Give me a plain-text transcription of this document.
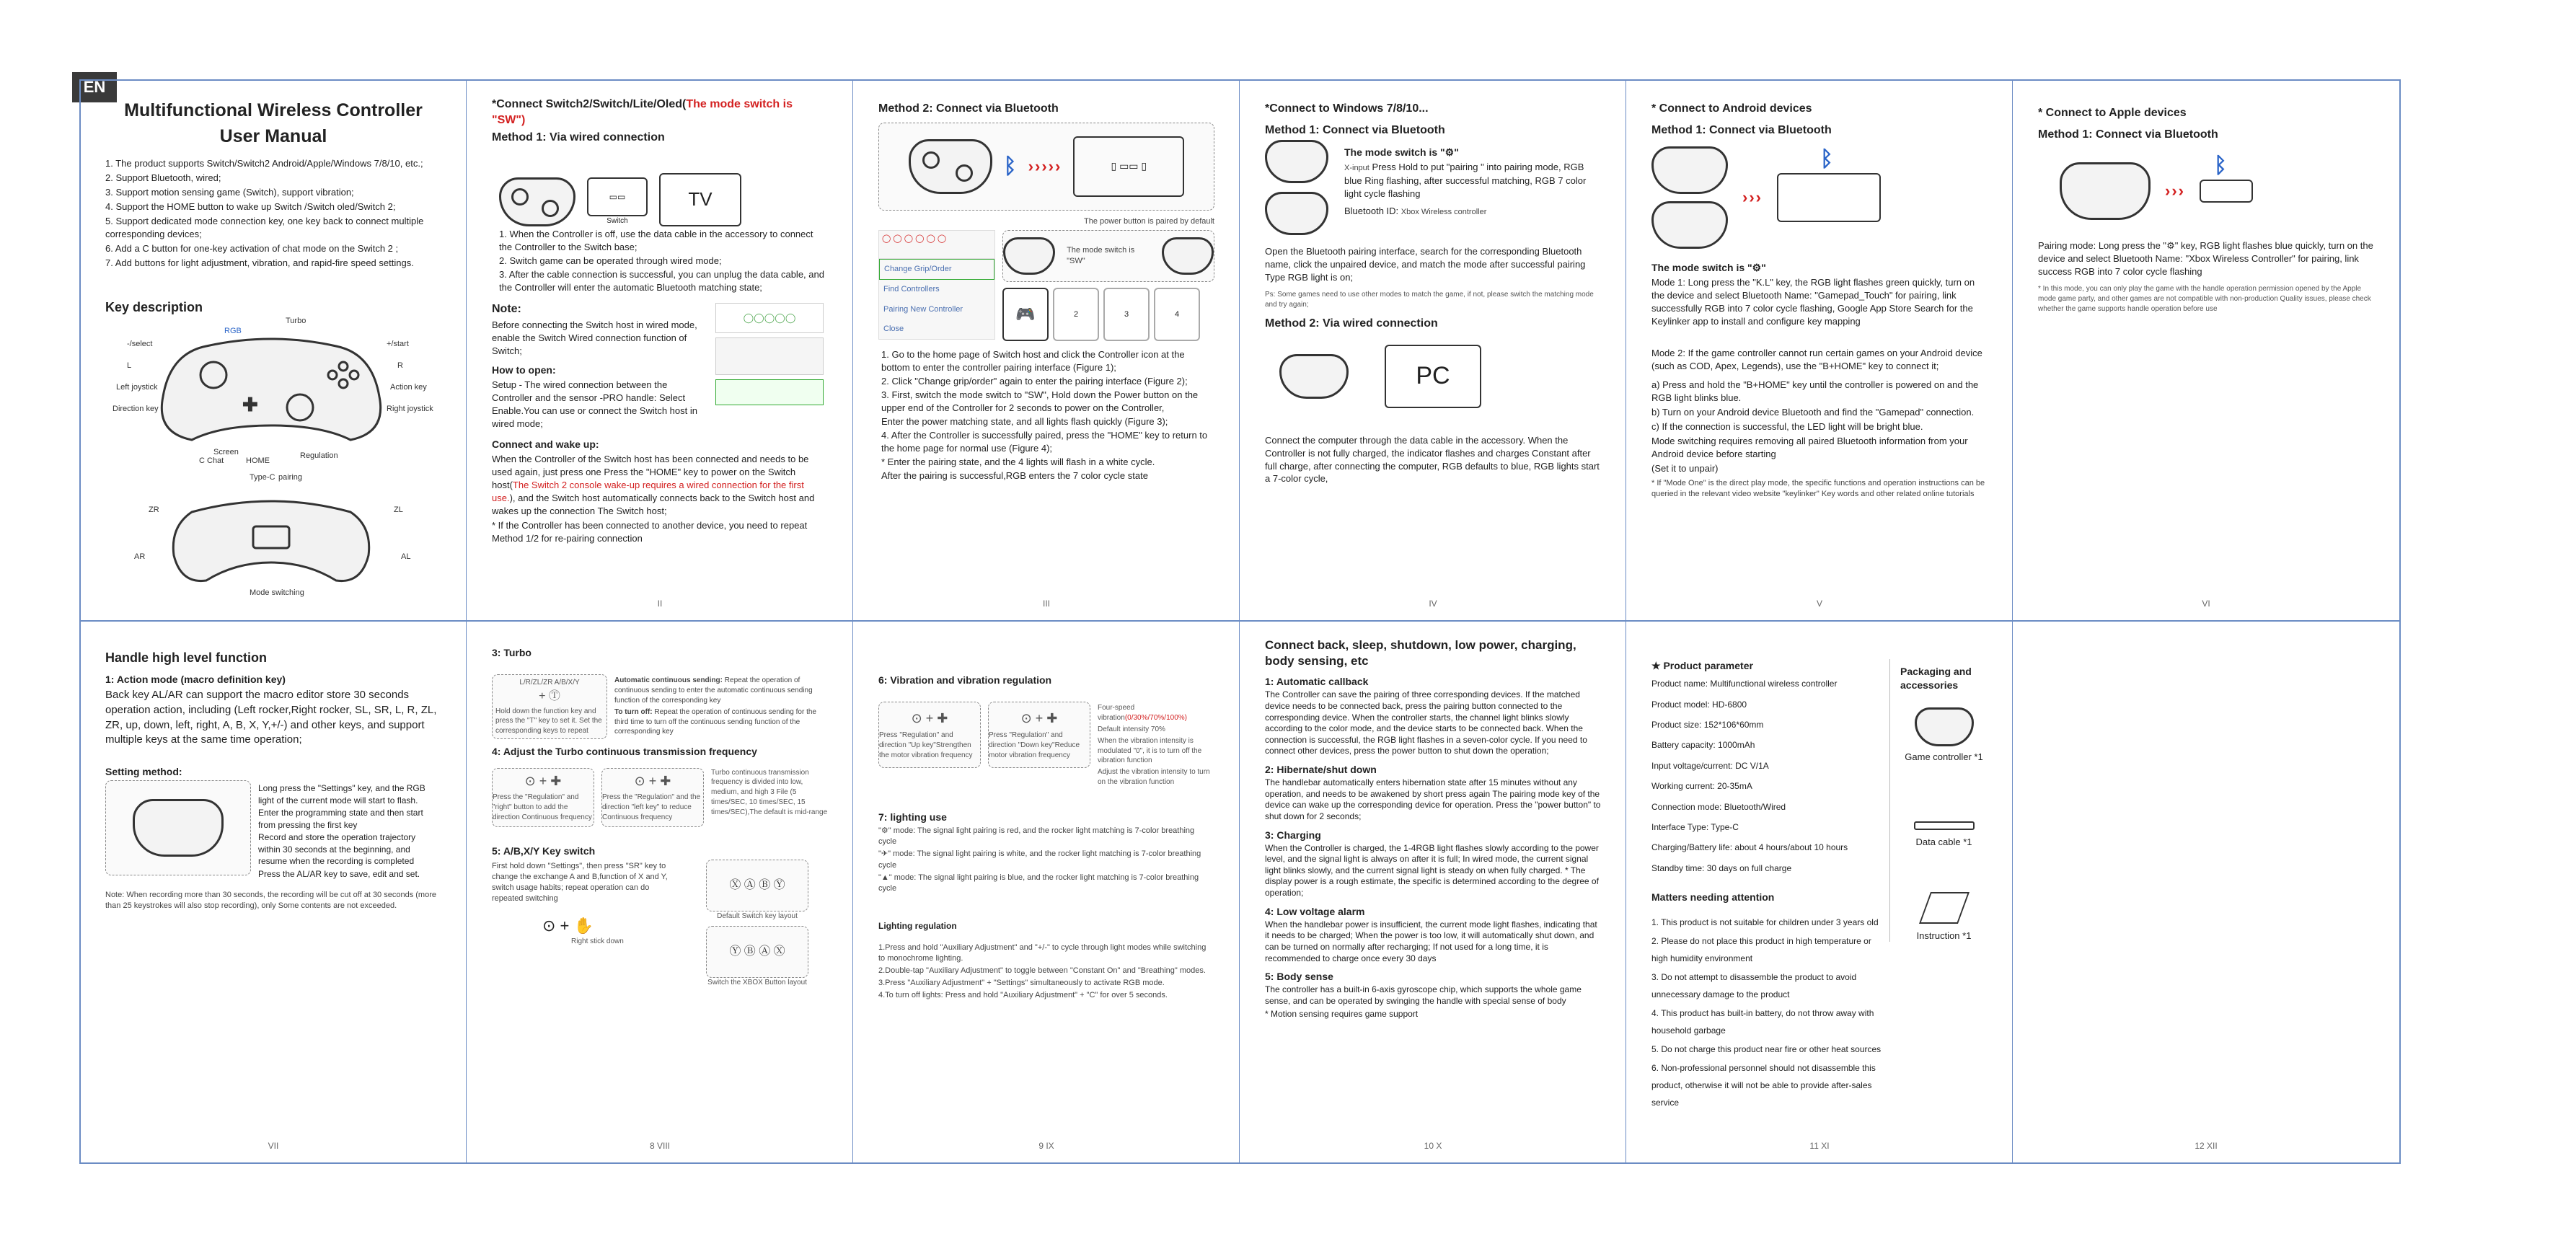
EN
Multifunctional Wireless Controller
User Manual

1. The product supports Switch/Switch2 Android/Apple/Windows 7/8/10, etc.;

2. Support Bluetooth, wired;

3. Support motion sensing game (Switch), support vibration;

4. Support the HOME button to wake up Switch /Switch oled/Switch 2;

5. Support dedicated mode connection key, one key back to connect multiple corresponding devices;

6. Add a C button for one-key activation of chat mode on the Switch 2 ;

7. Add buttons for light adjustment, vibration, and rapid-fire speed settings.

Key description
✚
-/select
RGB
Turbo
+/start
L	R
Left joystick	Action key
Direction key	Right joystick
Screen
C Chat	HOME
Regulation
Type-C pairing
ZR	ZL
AR	AL
Mode switching
*Connect Switch2/Switch/Lite/Oled(The mode switch is "SW")
Method 1: Via wired connection
▭▭
Switch
TV
1. When the Controller is off, use the data cable in the accessory to connect the Controller to the Switch base;
2. Switch game can be operated through wired mode;
3. After the cable connection is successful, you can unplug the data cable, and the Controller will enter the automatic Bluetooth matching state;
Note:

Before connecting the Switch host in wired mode, enable the Switch Wired connection function of Switch;

How to open:

Setup - The wired connection between the Controller and the sensor -PRO handle: Select Enable.You can use or connect the Switch host in wired mode;

◯◯◯◯◯
Connect and wake up:

When the Controller of the Switch host has been connected and needs to be used again, just press one Press the "HOME" key to power on the Switch host(The Switch 2 console wake-up requires a wired connection for the first use.), and the Switch host automatically connects back to the Switch host and wakes up the connection The Switch host;

* If the Controller has been connected to another device, you need to repeat Method 1/2 for re-pairing connection

II
Method 2: Connect via Bluetooth
ᛒ ›››››	▯ ▭▭ ▯
The power button is paired by default
◯ ◯ ◯ ◯ ◯ ◯
Change Grip/Order
Find Controllers
Pairing New Controller
Close
The mode switch is "SW"
🎮	2	3	4
1. Go to the home page of Switch host and click the Controller icon at the bottom to enter the controller pairing interface (Figure 1);
2. Click "Change grip/order" again to enter the pairing interface (Figure 2);
3. First, switch the mode switch to "SW", Hold down the Power button on the upper end of the Controller for 2 seconds to power on the Controller,
Enter the power matching state, and all lights flash quickly (Figure 3);
4. After the Controller is successfully paired, press the "HOME" key to return to the home page for normal use (Figure 4);
* Enter the pairing state, and the 4 lights will flash in a white cycle.
After the pairing is successful,RGB enters the 7 color cycle state
III
*Connect to Windows 7/8/10...
Method 1: Connect via Bluetooth
The mode switch is "⚙"

X-input Press Hold to put "pairing " into pairing mode, RGB blue Ring flashing, after successful matching, RGB 7 color light cycle flashing

Bluetooth ID: Xbox Wireless controller

Open the Bluetooth pairing interface, search for the corresponding Bluetooth name, click the unpaired device, and match the mode after successful pairing Type RGB light is on;

Ps: Some games need to use other modes to match the game, if not, please switch the matching mode and try again;

Method 2: Via wired connection
PC

Connect the computer through the data cable in the accessory. When the Controller is not fully charged, the indicator flashes and charges Constant after full charge, after connecting the computer, RGB defaults to blue, RGB lights start a 7-color cycle,

IV
* Connect to Android devices
Method 1: Connect via Bluetooth
›››
ᛒ
The mode switch is "⚙"

Mode 1: Long press the "K.L" key, the RGB light flashes green quickly, turn on the device and select Bluetooth Name: "Gamepad_Touch" for pairing, link successfully RGB into 7 color cycle flashing, Google App Store Search for the Keylinker app to install and configure key mapping

Mode 2: If the game controller cannot run certain games on your Android device (such as COD, Apex, Legends), use the "B+HOME" key to connect it;

a) Press and hold the "B+HOME" key until the controller is powered on and the RGB light blinks blue.

b) Turn on your Android device Bluetooth and find the "Gamepad" connection.

c) If the connection is successful, the LED light will be bright blue.

Mode switching requires removing all paired Bluetooth information from your Android device before starting

(Set it to unpair)

* If "Mode One" is the direct play mode, the specific functions and operation instructions can be queried in the relevant video website "keylinker" Key words and other related online tutorials

V
* Connect to Apple devices
Method 1: Connect via Bluetooth
›››
ᛒ

Pairing mode: Long press the "⚙" key, RGB light flashes blue quickly, turn on the device and select Bluetooth Name: "Xbox Wireless Controller" for pairing, link success RGB into 7 color cycle flashing

* In this mode, you can only play the game with the handle operation permission opened by the Apple mode game party, and other games are not compatible with non-production Quality issues, please check whether the game supports handle operation before use

VI
Handle high level function
1: Action mode (macro definition key)

Back key AL/AR can support the macro editor store 30 seconds operation action, including (Left rocker,Right rocker, SL, SR, L, R, ZL, ZR, up, down, left, right, A, B, X, Y,+/-) and other keys, and support multiple keys at the same time operation;

Setting method:
Long press the "Settings" key, and the RGB light of the current mode will start to flash.
Enter the programming state and then start from pressing the first key
Record and store the operation trajectory within 30 seconds at the beginning, and resume when the recording is completed
Press the AL/AR key to save, edit and set.

Note: When recording more than 30 seconds, the recording will be cut off at 30 seconds (more than 25 keystrokes will also stop recording), only Some contents are not exceeded.

VII
3: Turbo
L/R/ZL/ZR A/B/X/Y
+ Ⓣ
Hold down the function key and press the "T" key to set it. Set the corresponding keys to repeat

Automatic continuous sending: Repeat the operation of continuous sending to enter the automatic continuous sending function of the corresponding key

To turn off: Repeat the operation of continuous sending for the third time to turn off the continuous sending function of the corresponding key

4: Adjust the Turbo continuous transmission frequency
⊙ + ✚
Press the "Regulation" and "right" button to add the direction Continuous frequency
⊙ + ✚
Press the "Regulation" and the direction "left key" to reduce Continuous frequency
Turbo continuous transmission frequency is divided into low, medium, and high 3 File (5 times/SEC, 10 times/SEC, 15 times/SEC),The default is mid-range
5: A/B,X/Y Key switch

First hold down "Settings", then press "SR" key to change the exchange A and B,function of X and Y, switch usage habits; repeat operation can do repeated switching

⊙ + ✋
Right stick down
Ⓧ Ⓐ Ⓑ Ⓨ
Default Switch key layout
Ⓨ Ⓑ Ⓐ Ⓧ
Switch the XBOX Button layout
8 VIII
6: Vibration and vibration regulation
⊙ + ✚
Press "Regulation" and direction "Up key"Strengthen the motor vibration frequency
⊙ + ✚
Press "Regulation" and direction "Down key"Reduce motor vibration frequency

Four-speed vibration(0/30%/70%/100%)

Default intensity 70%

When the vibration intensity is modulated "0", it is to turn off the vibration function

Adjust the vibration intensity to turn on the vibration function

7: lighting use

"⚙" mode: The signal light pairing is red, and the rocker light matching is 7-color breathing cycle

"✈" mode: The signal light pairing is white, and the rocker light matching is 7-color breathing cycle

"▲" mode: The signal light pairing is blue, and the rocker light matching is 7-color breathing cycle

Lighting regulation

1.Press and hold "Auxiliary Adjustment" and "+/-" to cycle through light modes while switching to monochrome lighting.

2.Double-tap "Auxiliary Adjustment" to toggle between "Constant On" and "Breathing" modes.

3.Press "Auxiliary Adjustment" + "Settings" simultaneously to activate RGB mode.

4.To turn off lights: Press and hold "Auxiliary Adjustment" + "C" for over 5 seconds.

9 IX
Connect back, sleep, shutdown, low power, charging, body sensing, etc
1: Automatic callback

The Controller can save the pairing of three corresponding devices. If the matched device needs to be connected back, press the pairing button connected to the corresponding device. When the controller starts, the channel light blinks slowly according to the color mode, and the device starts to be connected back. When the connection is successful, the RGB light flashes in a seven-color cycle. If you need to connect other devices, press the power button to shut down the operation;

2: Hibernate/shut down

The handlebar automatically enters hibernation state after 15 minutes without any operation, and needs to be awakened by short press again The pairing mode key of the device can wake up the corresponding device for operation. Press the "power button" to shut down for 2 seconds;

3: Charging

When the Controller is charged, the 1-4RGB light flashes slowly according to the power level, and the signal light is always on after it is full; In wired mode, the current signal light blinks slowly, and the current signal light is steady on when fully charged. * The display power is a rough estimate, the specific is determined according to the degree of operation;

4: Low voltage alarm

When the handlebar power is insufficient, the current mode light flashes, indicating that it needs to be charged; When the power is too low, it will automatically shut down, and can be turned on normally after recharging; If not used for a long time, it is recommended to charge once every 30 days

5: Body sense

The controller has a built-in 6-axis gyroscope chip, which supports the whole game sense, and can be operated by swinging the handle with special sense of body

* Motion sensing requires game support

10 X
★ Product parameter

Product name: Multifunctional wireless controller

Product model: HD-6800

Product size: 152*106*60mm

Battery capacity: 1000mAh

Input voltage/current: DC V/1A

Working current: 20-35mA

Connection mode: Bluetooth/Wired

Interface Type: Type-C

Charging/Battery life: about 4 hours/about 10 hours

Standby time: 30 days on full charge

Matters needing attention

1. This product is not suitable for children under 3 years old

2. Please do not place this product in high temperature or high humidity environment

3. Do not attempt to disassemble the product to avoid unnecessary damage to the product

4. This product has built-in battery, do not throw away with household garbage

5. Do not charge this product near fire or other heat sources

6. Non-professional personnel should not disassemble this product, otherwise it will not be able to provide after-sales service

Packaging and accessories
Game controller *1
Data cable *1
Instruction *1
11 XI	12 XII
